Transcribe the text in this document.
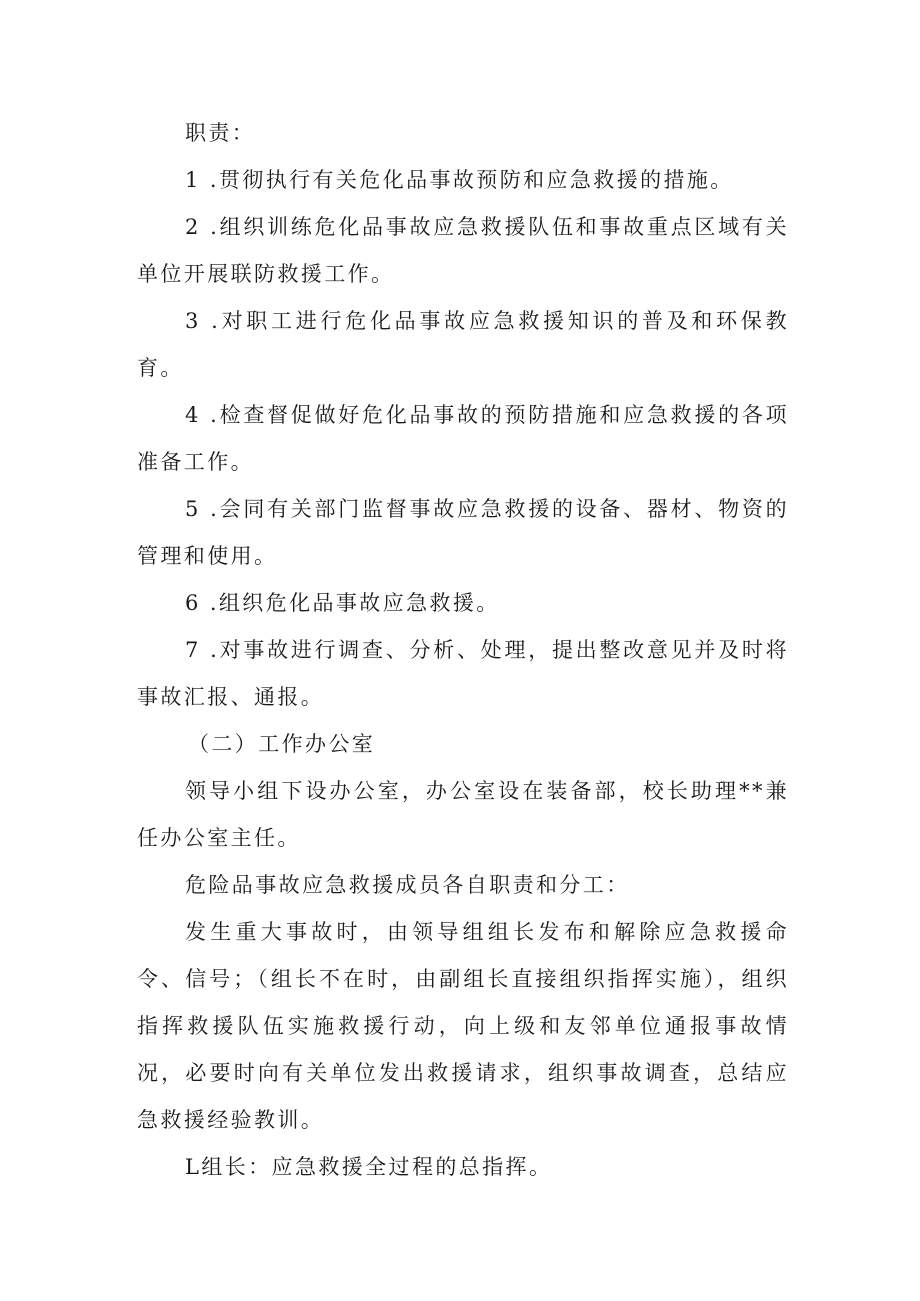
职责：

1 .贯彻执行有关危化品事故预防和应急救援的措施。

2 .组织训练危化品事故应急救援队伍和事故重点区域有关单位开展联防救援工作。

3 .对职工进行危化品事故应急救援知识的普及和环保教育。

4 .检查督促做好危化品事故的预防措施和应急救援的各项准备工作。

5 .会同有关部门监督事故应急救援的设备、器材、物资的管理和使用。

6 .组织危化品事故应急救援。

7 .对事故进行调查、分析、处理，提出整改意见并及时将事故汇报、通报。

（二）工作办公室

领导小组下设办公室，办公室设在装备部，校长助理**兼任办公室主任。

危险品事故应急救援成员各自职责和分工：

发生重大事故时，由领导组组长发布和解除应急救援命令、信号；（组长不在时，由副组长直接组织指挥实施），组织指挥救援队伍实施救援行动，向上级和友邻单位通报事故情况，必要时向有关单位发出救援请求，组织事故调查，总结应急救援经验教训。

L组长：应急救援全过程的总指挥。
